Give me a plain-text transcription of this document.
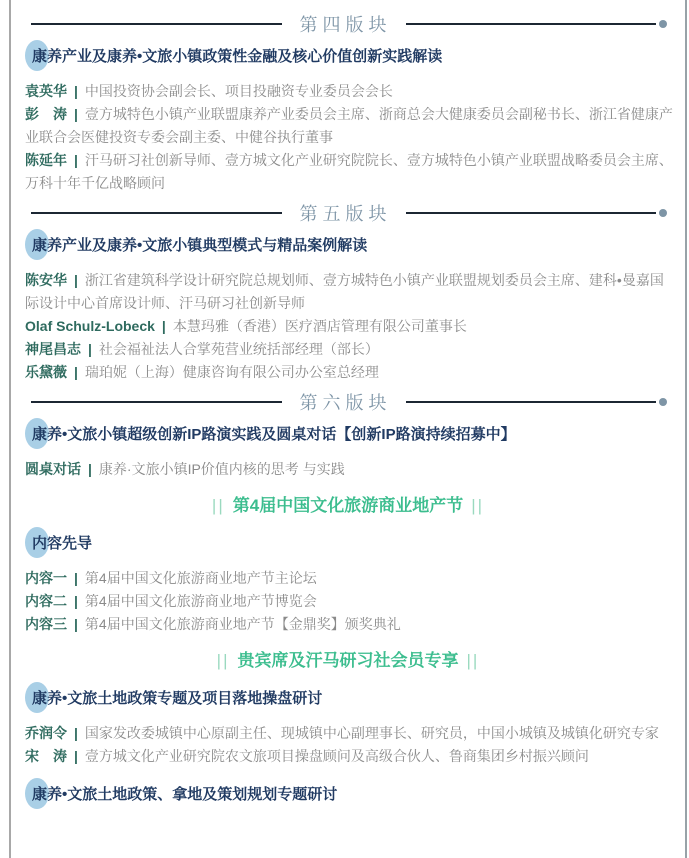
第四版块
康养产业及康养•文旅小镇政策性金融及核心价值创新实践解读

袁英华 | 中国投资协会副会长、项目投融资专业委员会会长

彭　涛 | 壹方城特色小镇产业联盟康养产业委员会主席、浙商总会大健康委员会副秘书长、浙江省健康产业联合会医健投资专委会副主委、中健谷执行董事

陈延年 | 汗马研习社创新导师、壹方城文化产业研究院院长、壹方城特色小镇产业联盟战略委员会主席、万科十年千亿战略顾问

第五版块
康养产业及康养•文旅小镇典型模式与精品案例解读

陈安华 | 浙江省建筑科学设计研究院总规划师、壹方城特色小镇产业联盟规划委员会主席、建科•曼嘉国际设计中心首席设计师、汗马研习社创新导师

Olaf Schulz-Lobeck | 本慧玛雅（香港）医疗酒店管理有限公司董事长

神尾昌志 | 社会福祉法人合掌苑营业统括部经理（部长）

乐黛薇 | 瑞珀妮（上海）健康咨询有限公司办公室总经理

第六版块
康养•文旅小镇超级创新IP路演实践及圆桌对话【创新IP路演持续招募中】

圆桌对话 | 康养·文旅小镇IP价值内核的思考 与实践

|| 第4届中国文化旅游商业地产节 ||
内容先导

内容一 | 第4届中国文化旅游商业地产节主论坛

内容二 | 第4届中国文化旅游商业地产节博览会

内容三 | 第4届中国文化旅游商业地产节【金鼎奖】颁奖典礼

|| 贵宾席及汗马研习社会员专享 ||
康养•文旅土地政策专题及项目落地操盘研讨

乔润令 | 国家发改委城镇中心原副主任、现城镇中心副理事长、研究员，中国小城镇及城镇化研究专家

宋　涛 | 壹方城文化产业研究院农文旅项目操盘顾问及高级合伙人、鲁商集团乡村振兴顾问

康养•文旅土地政策、拿地及策划规划专题研讨
